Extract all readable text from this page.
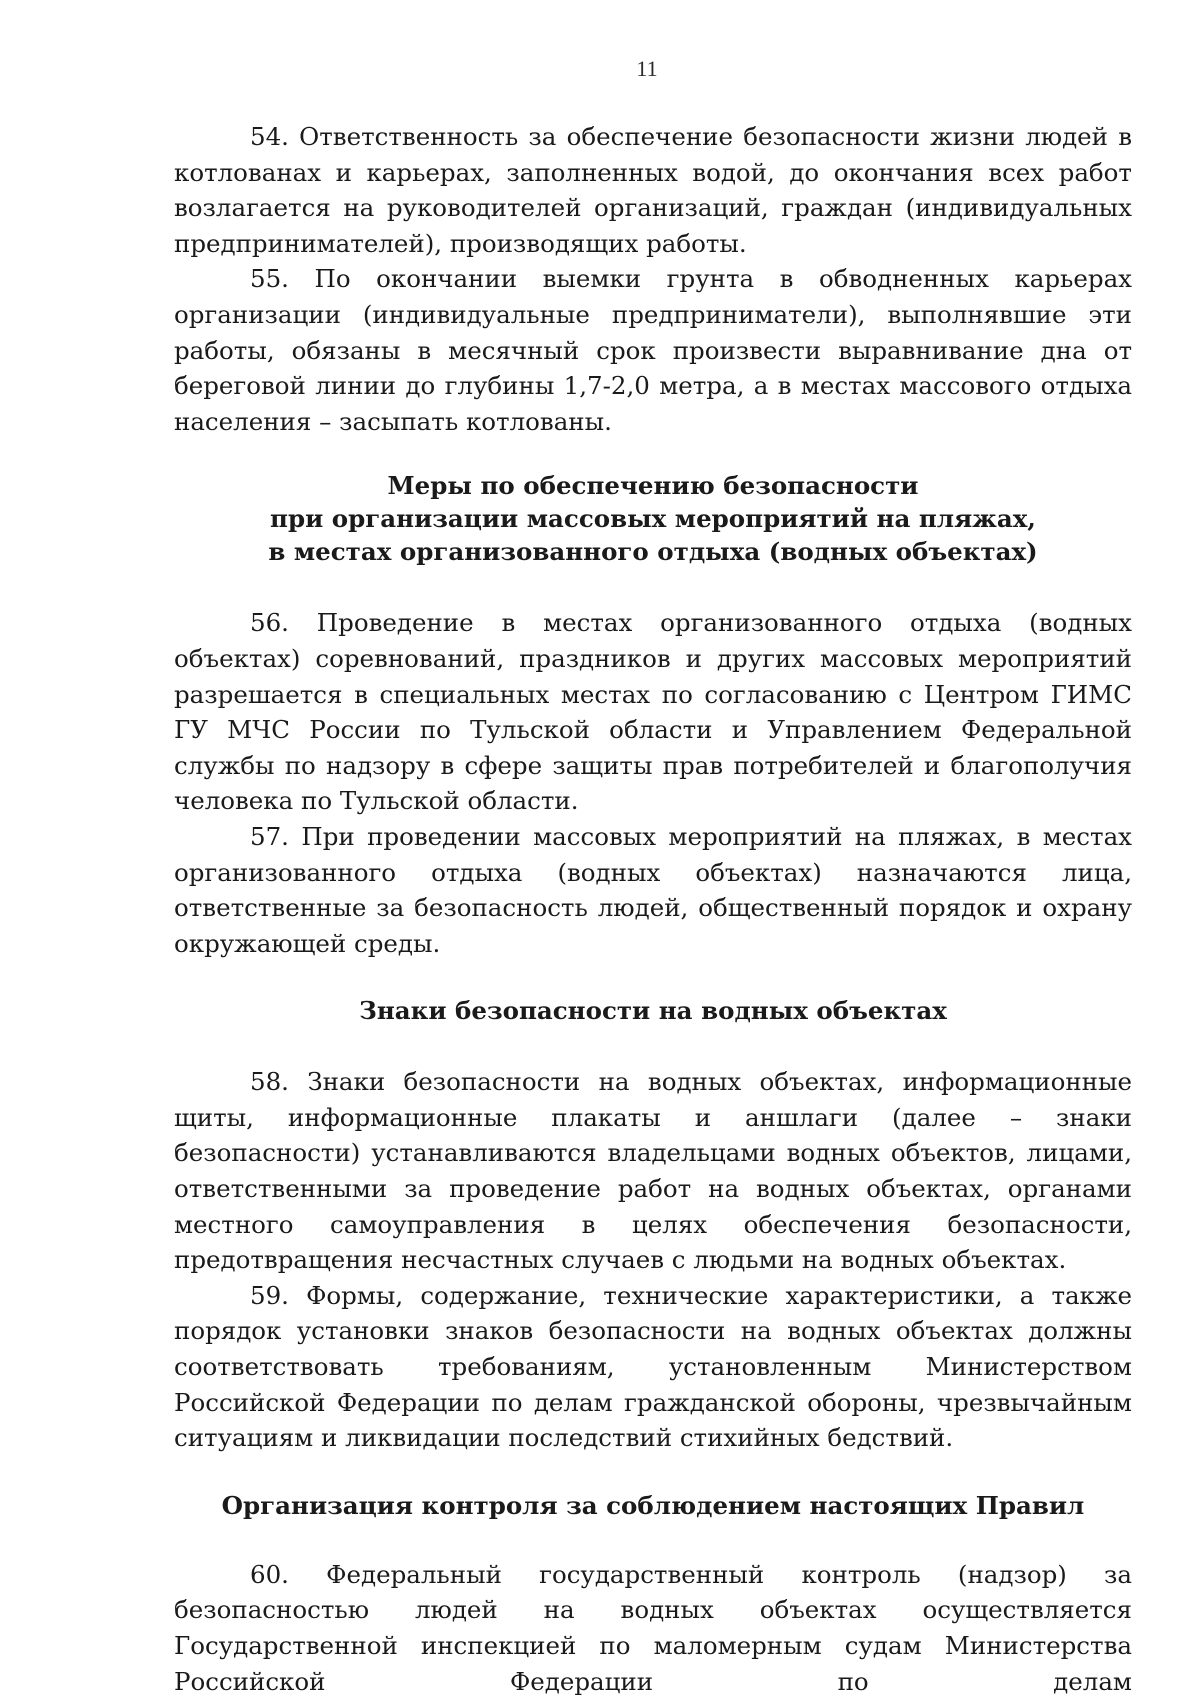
11

54. Ответственность за обеспечение безопасности жизни людей в котлованах и карьерах, заполненных водой, до окончания всех работ возлагается на руководителей организаций, граждан (индивидуальных предпринимателей), производящих работы.

55. По окончании выемки грунта в обводненных карьерах организации (индивидуальные предприниматели), выполнявшие эти работы, обязаны в месячный срок произвести выравнивание дна от береговой линии до глубины 1,7-2,0 метра, а в местах массового отдыха населения – засыпать котлованы.

Меры по обеспечению безопасности
при организации массовых мероприятий на пляжах,
в местах организованного отдыха (водных объектах)

56. Проведение в местах организованного отдыха (водных объектах) соревнований, праздников и других массовых мероприятий разрешается в специальных местах по согласованию с Центром ГИМС ГУ МЧС России по Тульской области и Управлением Федеральной службы по надзору в сфере защиты прав потребителей и благополучия человека по Тульской области.

57. При проведении массовых мероприятий на пляжах, в местах организованного отдыха (водных объектах) назначаются лица, ответственные за безопасность людей, общественный порядок и охрану окружающей среды.

Знаки безопасности на водных объектах

58. Знаки безопасности на водных объектах, информационные щиты, информационные плакаты и аншлаги (далее – знаки безопасности) устанавливаются владельцами водных объектов, лицами, ответственными за проведение работ на водных объектах, органами местного самоуправления в целях обеспечения безопасности, предотвращения несчастных случаев с людьми на водных объектах.

59. Формы, содержание, технические характеристики, а также порядок установки знаков безопасности на водных объектах должны соответствовать требованиям, установленным Министерством Российской Федерации по делам гражданской обороны, чрезвычайным ситуациям и ликвидации последствий стихийных бедствий.

Организация контроля за соблюдением настоящих Правил

60. Федеральный государственный контроль (надзор) за безопасностью людей на водных объектах осуществляется Государственной инспекцией по маломерным судам Министерства Российской Федерации по делам
